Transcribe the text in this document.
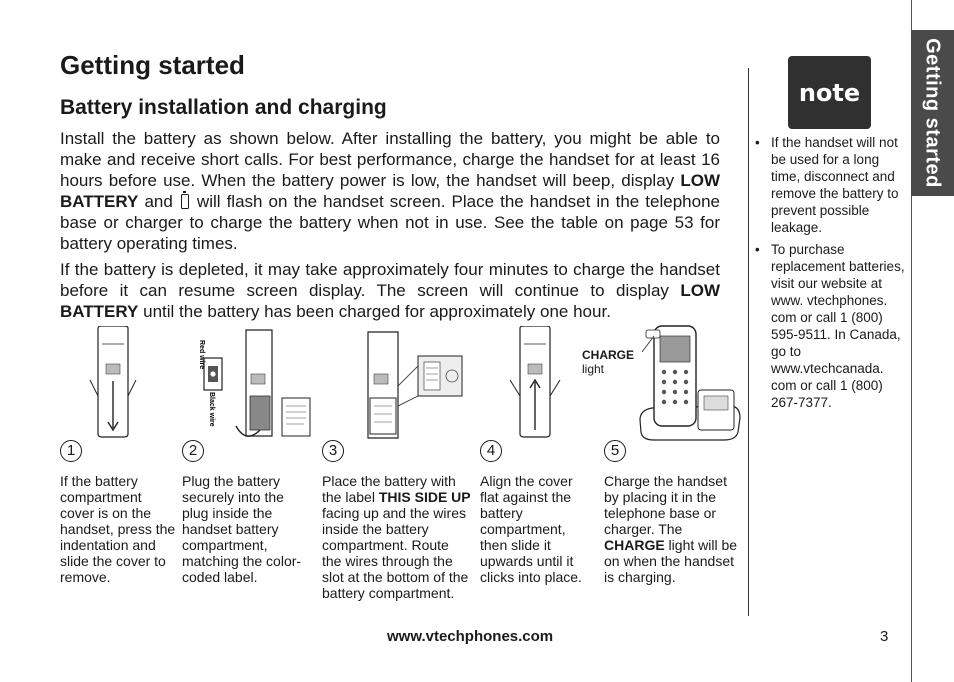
Getting started
Battery installation and charging

Install the battery as shown below. After installing the battery, you might be able to make and receive short calls. For best performance, charge the handset for at least 16 hours before use. When the battery power is low, the handset will beep, display LOW BATTERY and  will flash on the handset screen. Place the handset in the telephone base or charger to charge the battery when not in use. See the table on page 53 for battery operating times.

If the battery is depleted, it may take approximately four minutes to charge the handset before it can resume screen display. The screen will continue to display LOW BATTERY until the battery has been charged for approximately one hour.

Getting started
note
• If the handset will not be used for a long time, disconnect and remove the battery to prevent possible leakage.
• To purchase replacement batteries, visit our website at www. vtechphones. com or call 1 (800) 595-9511. In Canada, go to www.vtechcanada. com or call 1 (800) 267-7377.
Red wire
Black wire
CHARGE
light
1
If the battery compartment cover is on the handset, press the indentation and slide the cover to remove.
2
Plug the battery securely into the plug inside the handset battery compartment, matching the color-coded label.
3
Place the battery with the label THIS SIDE UP facing up and the wires inside the battery compartment. Route the wires through the slot at the bottom of the battery compartment.
4
Align the cover flat against the battery compartment, then slide it upwards until it clicks into place.
5
Charge the handset by placing it in the telephone base or charger. The CHARGE light will be on when the handset is charging.
www.vtechphones.com	3
